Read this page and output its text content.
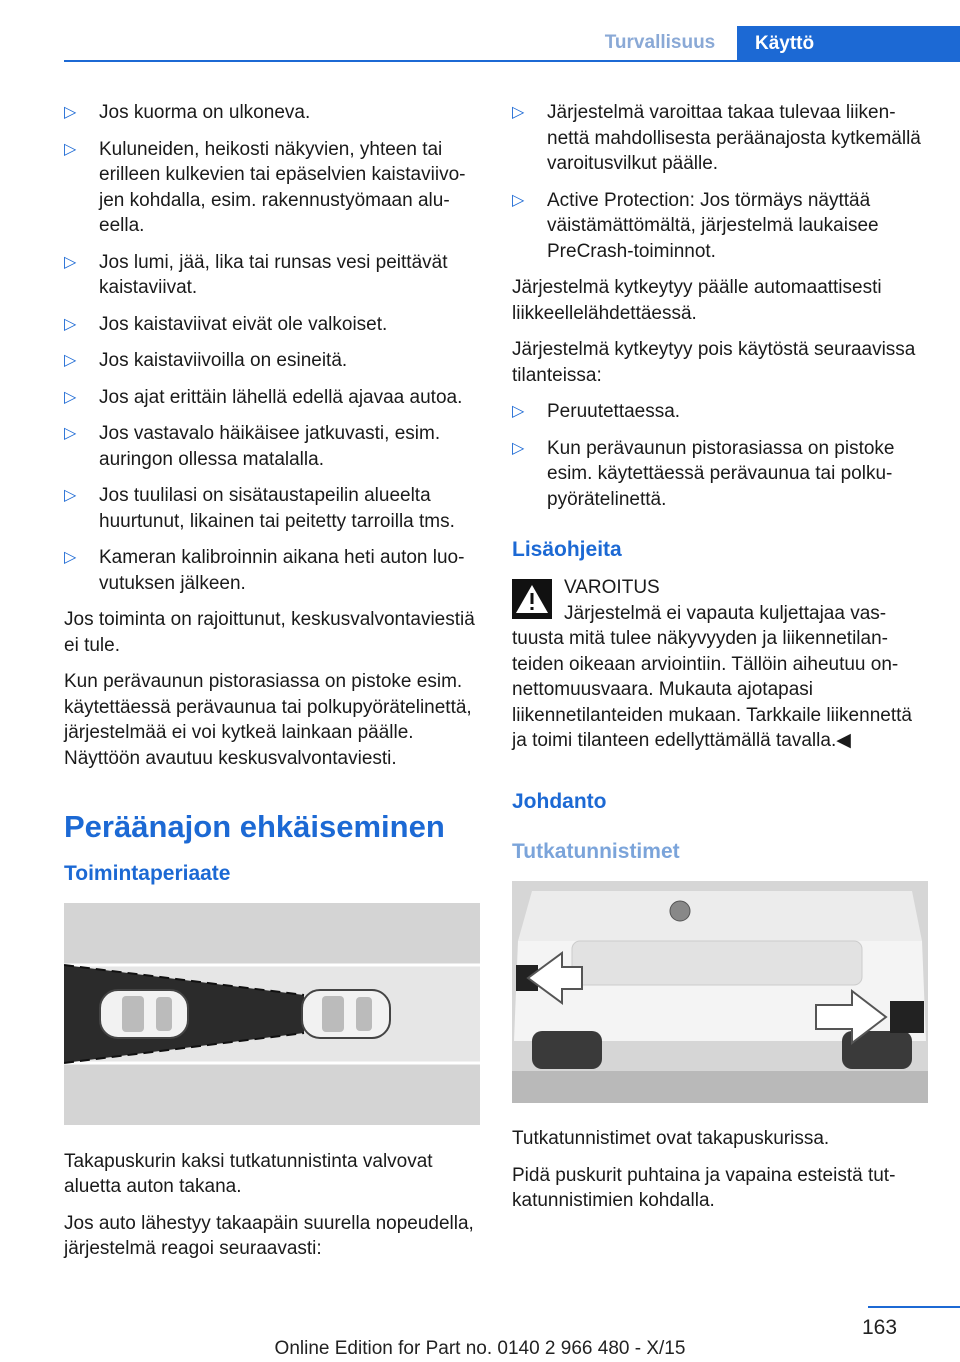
Turvallisuus	Käyttö
▷ Jos kuorma on ulkoneva.
▷ Kuluneiden, heikosti näkyvien, yhteen tai erilleen kulkevien tai epäselvien kaistaviivojen kohdalla, esim. rakennustyömaan alueella.
▷ Jos lumi, jää, lika tai runsas vesi peittävät kaistaviivat.
▷ Jos kaistaviivat eivät ole valkoiset.
▷ Jos kaistaviivoilla on esineitä.
▷ Jos ajat erittäin lähellä edellä ajavaa autoa.
▷ Jos vastavalo häikäisee jatkuvasti, esim. auringon ollessa matalalla.
▷ Jos tuulilasi on sisätaustapeilin alueelta huurtunut, likainen tai peitetty tarroilla tms.
▷ Kameran kalibroinnin aikana heti auton luovutuksen jälkeen.

Jos toiminta on rajoittunut, keskusvalvontaviestiä ei tule.

Kun perävaunun pistorasiassa on pistoke esim. käytettäessä perävaunua tai polkupyörätelinettä, järjestelmää ei voi kytkeä lainkaan päälle. Näyttöön avautuu keskusvalvontaviesti.

Peräänajon ehkäiseminen
Toimintaperiaate

Takapuskurin kaksi tutkatunnistinta valvovat aluetta auton takana.

Jos auto lähestyy takaapäin suurella nopeudella, järjestelmä reagoi seuraavasti:

▷ Järjestelmä varoittaa takaa tulevaa liikennettä mahdollisesta peräänajosta kytkemällä varoitusvilkut päälle.
▷ Active Protection: Jos törmäys näyttää väistämättömältä, järjestelmä laukaisee PreCrash-toiminnot.

Järjestelmä kytkeytyy päälle automaattisesti liikkeellelähdettäessä.

Järjestelmä kytkeytyy pois käytöstä seuraavissa tilanteissa:

▷ Peruutettaessa.
▷ Kun perävaunun pistorasiassa on pistoke esim. käytettäessä perävaunua tai polkupyörätelinettä.
Lisäohjeita
VAROITUS

Järjestelmä ei vapauta kuljettajaa vastuusta mitä tulee näkyvyyden ja liikennetilanteiden oikeaan arviointiin. Tällöin aiheutuu onnettomuusvaara. Mukauta ajotapasi liikennetilanteiden mukaan. Tarkkaile liikennettä ja toimi tilanteen edellyttämällä tavalla.◀

Johdanto
Tutkatunnistimet

Tutkatunnistimet ovat takapuskurissa.

Pidä puskurit puhtaina ja vapaina esteistä tutkatunnistimien kohdalla.

163
Online Edition for Part no. 0140 2 966 480 - X/15
